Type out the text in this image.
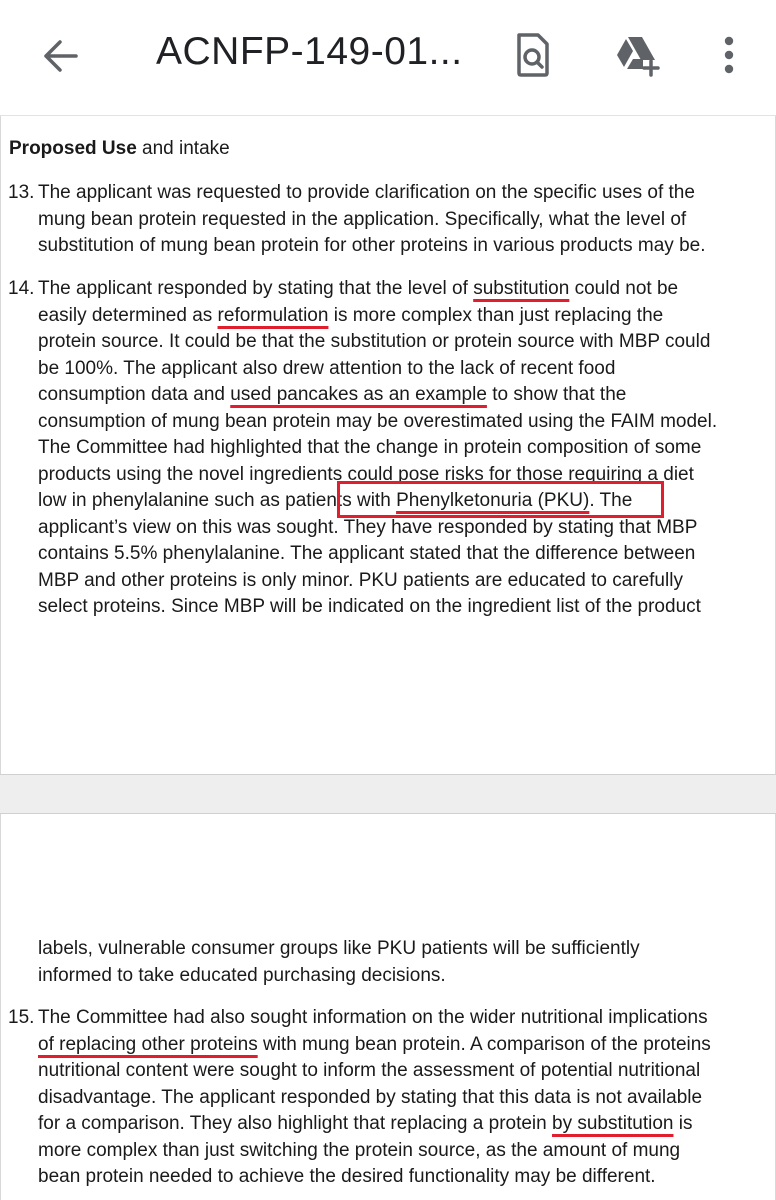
ACNFP-149-01...
Proposed Use and intake
13. The applicant was requested to provide clarification on the specific uses of the
mung bean protein requested in the application. Specifically, what the level of
substitution of mung bean protein for other proteins in various products may be.
14. The applicant responded by stating that the level of substitution could not be
easily determined as reformulation is more complex than just replacing the
protein source. It could be that the substitution or protein source with MBP could
be 100%. The applicant also drew attention to the lack of recent food
consumption data and used pancakes as an example to show that the
consumption of mung bean protein may be overestimated using the FAIM model.
The Committee had highlighted that the change in protein composition of some
products using the novel ingredients could pose risks for those requiring a diet
low in phenylalanine such as patients with Phenylketonuria (PKU). The
applicant’s view on this was sought. They have responded by stating that MBP
contains 5.5% phenylalanine. The applicant stated that the difference between
MBP and other proteins is only minor. PKU patients are educated to carefully
select proteins. Since MBP will be indicated on the ingredient list of the product
labels, vulnerable consumer groups like PKU patients will be sufficiently
informed to take educated purchasing decisions.
15. The Committee had also sought information on the wider nutritional implications
of replacing other proteins with mung bean protein. A comparison of the proteins
nutritional content were sought to inform the assessment of potential nutritional
disadvantage. The applicant responded by stating that this data is not available
for a comparison. They also highlight that replacing a protein by substitution is
more complex than just switching the protein source, as the amount of mung
bean protein needed to achieve the desired functionality may be different.
